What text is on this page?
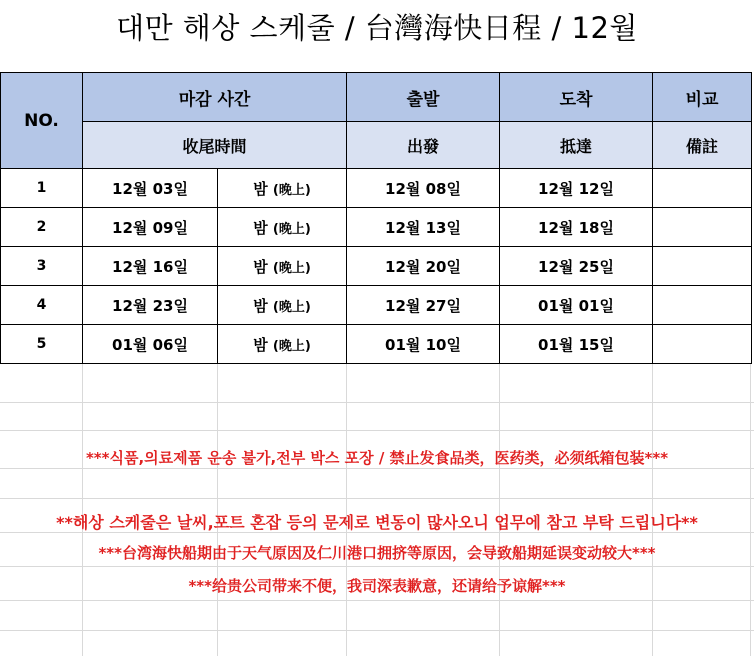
대만 해상 스케줄 / 台灣海快日程 / 12월
NO.	마감 사간		출발	도착	비교
	收尾時間		出發	抵達	備註
1	12월 03일	밤 (晚上)	12월 08일	12월 12일	
2	12월 09일	밤 (晚上)	12월 13일	12월 18일	
3	12월 16일	밤 (晚上)	12월 20일	12월 25일	
4	12월 23일	밤 (晚上)	12월 27일	01월 01일	
5	01월 06일	밤 (晚上)	01월 10일	01월 15일	
***식품,의료제품 운송 불가,전부 박스 포장 / 禁止发食品类，医药类，必须纸箱包装***
**해상 스케줄은 날씨,포트 혼잡 등의 문제로 변동이 많사오니 업무에 참고 부탁 드립니다**
***台湾海快船期由于天气原因及仁川港口拥挤等原因，会导致船期延误变动较大***
***给贵公司带来不便，我司深表歉意，还请给予谅解***
